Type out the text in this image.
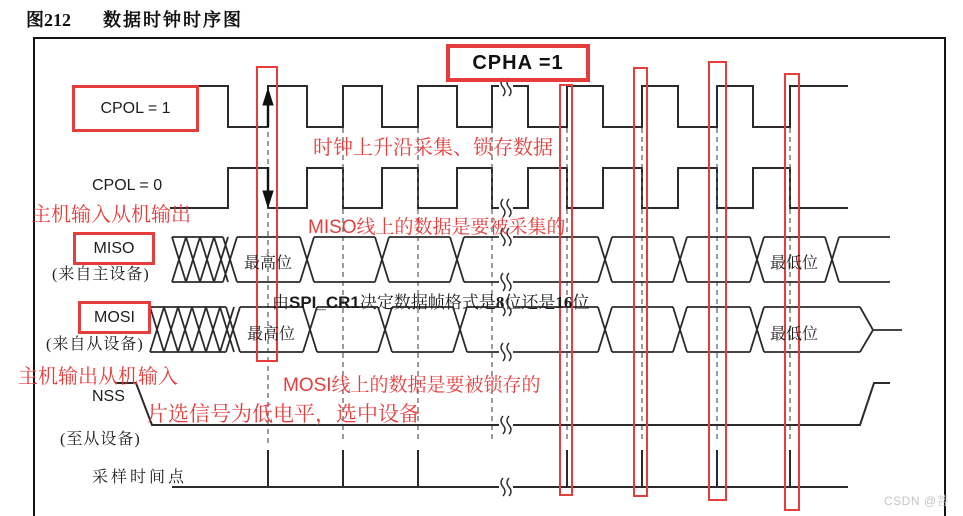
图212 数据时钟时序图
CPHA =1
CPOL = 1
MISO
MOSI
CPOL = 0
(来自主设备)
(来自从设备)
NSS
(至从设备)
采样时间点
最高位	最低位
最高位	最低位
由SPI_CR1决定数据帧格式是8位还是16位
时钟上升沿采集、锁存数据
主机输入从机输出
MISO线上的数据是要被采集的
主机输出从机输入	MOSI线上的数据是要被锁存的
片选信号为低电平，选中设备
CSDN @菩
